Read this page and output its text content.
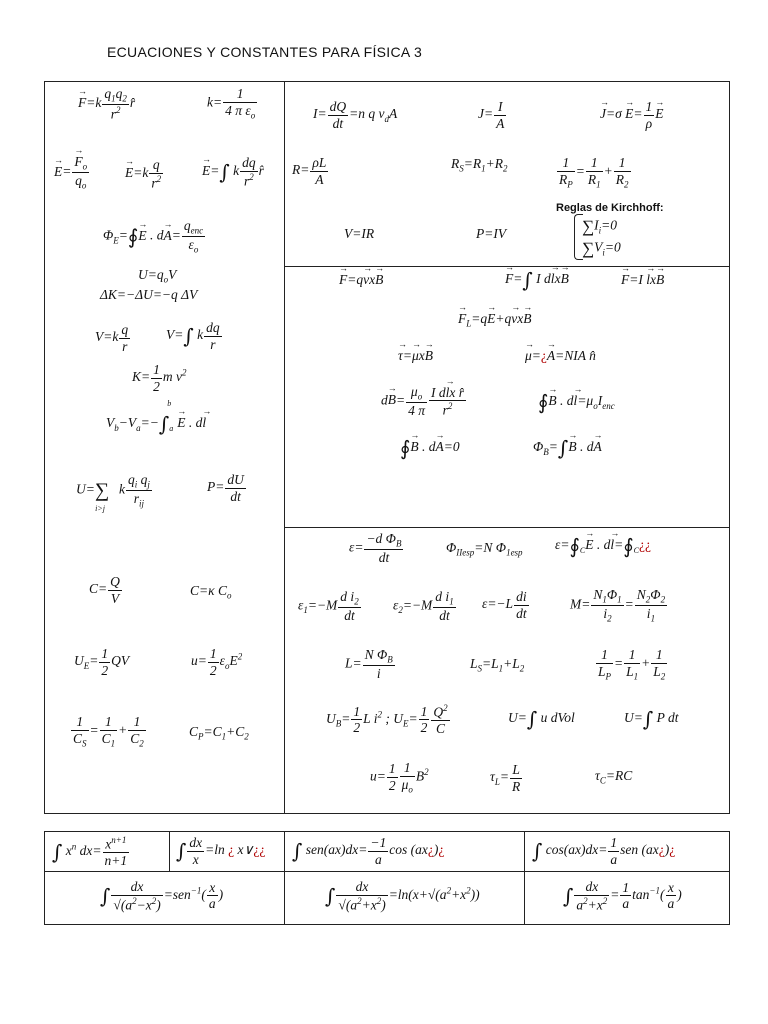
ECUACIONES Y CONSTANTES PARA FÍSICA 3
→ $F=k \frac{q_1q_2}{r^2}$ r̂	$k= \frac{1}{4 \pi \varepsilon_o}$
→ E=
→ $\frac{F_o}{q_o}$
→	$E=k \frac{q}{r^2}$
→	E=∫ k $\frac{dq}{r^2}$ r̂
$\Phi_E=∮\to E$ . $d\to A= \frac{q_{enc}}{\varepsilon_o}$
$U=q_oV$
ΔK=−ΔU=−q ΔV
$V=k \frac{q}{r}$	V=∫ k $\frac{dq}{r}$
$K= \frac{1}{2}$ m $v^2$
$V_b-V_a=-\int_a^b\to E$ . d→ l
$U=\sum_{i>j}k \frac{q_i q_j}{r_{ij}}$	$P= \frac{dU}{dt}$
$C= \frac{Q}{V}$	C=κ $C_o$
$U_E= \frac{1}{2}$ QV	$u= \frac{1}{2} \varepsilon_oE^2$
$\frac{1}{C_S} = \frac{1}{C_1} + \frac{1}{C_2}$	$C_P=C_1+C_2$
$I= \frac{dQ}{dt} =n$ q $v_dA$	$J= \frac{I}{A}$
→	$J=\sigma \to E= \frac{1}{\rho}$
→ E
$R= \frac{\rho L}{A}$	$R_S=R_1+R_2$	$\frac{1}{R_P} = \frac{1}{R_1} + \frac{1}{R_2}$
Reglas de Kirchhoff:
V=IR	P=IV	$\sum I_i=0$
$\sum V_i=0$
→ F=q→ vx→ B
→	F=∫ I d→ lx→ B
→	F=I → lx→ B
→ $F_L=q\to E+q\to vx\to B$
→ τ=→ μx→ B
→	μ=¿→ A=NIA n̂
$d\to B= \frac{\mu_o}{4 \pi} \frac{\text{I d→ lx r̂}}{r^2}$	∮→ B . $d\to l=\mu_oI_{enc}$
∮→ B . d→ A=0	$\Phi_B=\int\to B$ . d→ A
$\varepsilon= \frac{-d \Phi_B}{dt}$	$\Phi_{IIesp}=N$ $\Phi_{1esp}$
$\varepsilon=∮_C\to E$ . $d\to l=∮_C¿¿$
$\varepsilon_1=-M \frac{d i_2}{dt} \varepsilon_2=-M \frac{d i_1}{dt} \varepsilon=-L \frac{di}{dt}$	$M= \frac{N_1\Phi_1}{i_2} = \frac{N_2\Phi_2}{i_1}$
$L= \frac{N \Phi_B}{i}$	$L_S=L_1+L_2$	$\frac{1}{L_P} = \frac{1}{L_1} + \frac{1}{L_2}$
$U_B= \frac{1}{2}$ L $i^2$ ; $U_E= \frac{1}{2} \frac{Q^2}{C}$	U=∫ u dVol	U=∫ P dt
$u= \frac{1}{2} \frac{1}{\mu_o} B^2$	$\tau_L= \frac{L}{R}$	$\tau_C=RC$
∫ $x^n$ $dx= \frac{x^{n+1}}{n+1}$ ∫ $\frac{dx}{x} =\ln$ ¿ x∨¿¿ ∫ $sen(ax)dx= \frac{-1}{a}$ cos (ax¿)¿	∫ $\cos(ax)dx= \frac{1}{a}$ sen (ax¿)¿
∫ $\frac{dx}{√(a^2-x^2)} =sen^{-1}( \frac{x}{a}$ )	∫ $\frac{dx}{√(a^2+x^2)} =\ln(x+√(a^2+x^2))$	∫ $\frac{dx}{a^2+x^2} = \frac{1}{a} \tan^{-1}( \frac{x}{a}$ )
